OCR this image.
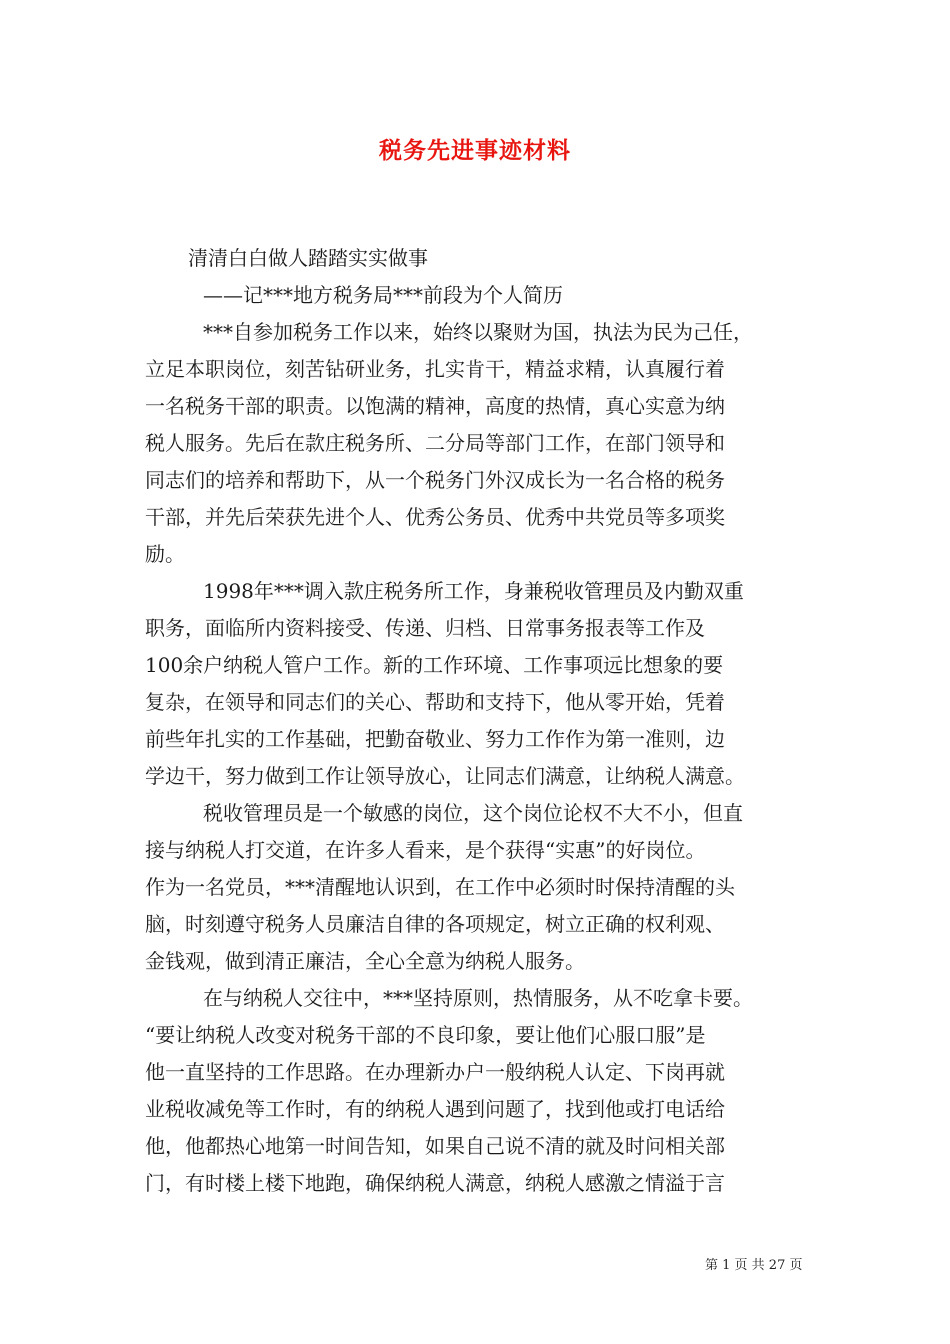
税务先进事迹材料
清清白白做人踏踏实实做事
——记***地方税务局***前段为个人简历
***自参加税务工作以来，始终以聚财为国，执法为民为己任，
立足本职岗位，刻苦钻研业务，扎实肯干，精益求精，认真履行着
一名税务干部的职责。以饱满的精神，高度的热情，真心实意为纳
税人服务。先后在款庄税务所、二分局等部门工作，在部门领导和
同志们的培养和帮助下，从一个税务门外汉成长为一名合格的税务
干部，并先后荣获先进个人、优秀公务员、优秀中共党员等多项奖
励。
1998年***调入款庄税务所工作，身兼税收管理员及内勤双重
职务，面临所内资料接受、传递、归档、日常事务报表等工作及
100余户纳税人管户工作。新的工作环境、工作事项远比想象的要
复杂，在领导和同志们的关心、帮助和支持下，他从零开始，凭着
前些年扎实的工作基础，把勤奋敬业、努力工作作为第一准则，边
学边干，努力做到工作让领导放心，让同志们满意，让纳税人满意。
税收管理员是一个敏感的岗位，这个岗位论权不大不小，但直
接与纳税人打交道，在许多人看来，是个获得“实惠”的好岗位。
作为一名党员，***清醒地认识到，在工作中必须时时保持清醒的头
脑，时刻遵守税务人员廉洁自律的各项规定，树立正确的权利观、
金钱观，做到清正廉洁，全心全意为纳税人服务。
在与纳税人交往中，***坚持原则，热情服务，从不吃拿卡要。
“要让纳税人改变对税务干部的不良印象，要让他们心服口服”是
他一直坚持的工作思路。在办理新办户一般纳税人认定、下岗再就
业税收减免等工作时，有的纳税人遇到问题了，找到他或打电话给
他，他都热心地第一时间告知，如果自己说不清的就及时问相关部
门，有时楼上楼下地跑，确保纳税人满意，纳税人感激之情溢于言
第 1 页 共 27 页
